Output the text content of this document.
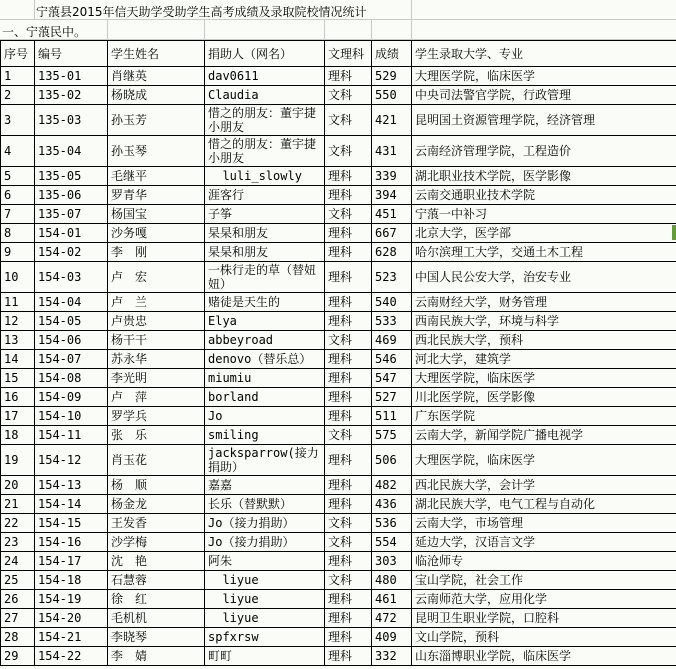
宁蒗县2015年信天助学受助学生高考成绩及录取院校情况统计
一、宁蒗民中。
序号	编号	学生姓名	捐助人（网名）	文理科	成绩	学生录取大学、专业
1	135-01	肖继英	dav0611	理科	529	大理医学院，临床医学
2	135-02	杨晓成	Claudia	文科	550	中央司法警官学院，行政管理
3	135-03	孙玉芳	惜之的朋友：董宇捷小朋友	文科	421	昆明国土资源管理学院，经济管理
4	135-04	孙玉琴	惜之的朋友：董宇捷小朋友	文科	431	云南经济管理学院，工程造价
5	135-05	毛继平	luli_slowly	理科	339	湖北职业技术学院，医学影像
6	135-06	罗青华	涯客行	理科	394	云南交通职业技术学院
7	135-07	杨国宝	子筝	文科	451	宁蒗一中补习
8	154-01	沙务嘎	杲杲和朋友	理科	667	北京大学，医学部
9	154-02	李　刚	杲杲和朋友	理科	628	哈尔滨理工大学，交通土木工程
10	154-03	卢　宏	一株行走的草（替妞妞）	理科	523	中国人民公安大学，治安专业
11	154-04	卢　兰	赌徒是天生的	理科	540	云南财经大学，财务管理
12	154-05	卢贵忠	Elya	理科	533	西南民族大学，环境与科学
13	154-06	杨干干	abbeyroad	文科	469	西北民族大学，预科
14	154-07	苏永华	denovo（替乐总）	理科	546	河北大学，建筑学
15	154-08	李光明	miumiu	理科	547	大理医学院，临床医学
16	154-09	卢　萍	borland	理科	527	川北医学院，医学影像
17	154-10	罗学兵	Jo	理科	511	广东医学院
18	154-11	张　乐	smiling	文科	575	云南大学，新闻学院广播电视学
19	154-12	肖玉花	jacksparrow(接力捐助）	理科	506	大理医学院，临床医学
20	154-13	杨　顺	嘉嘉	理科	482	西北民族大学，会计学
21	154-14	杨金龙	长乐（替默默）	理科	436	湖北民族大学，电气工程与自动化
22	154-15	王发香	Jo（接力捐助）	文科	536	云南大学，市场管理
23	154-16	沙学梅	Jo（接力捐助）	文科	554	延边大学，汉语言文学
24	154-17	沈　艳	阿朱	理科	303	临沧师专
25	154-18	石慧蓉	liyue	文科	480	宝山学院，社会工作
26	154-19	徐　红	liyue	理科	461	云南师范大学，应用化学
27	154-20	毛机机	liyue	理科	472	昆明卫生职业学院，口腔科
28	154-21	李晓琴	spfxrsw	理科	409	文山学院，预科
29	154-22	李　婧	町町	理科	332	山东淄博职业学院，临床医学
